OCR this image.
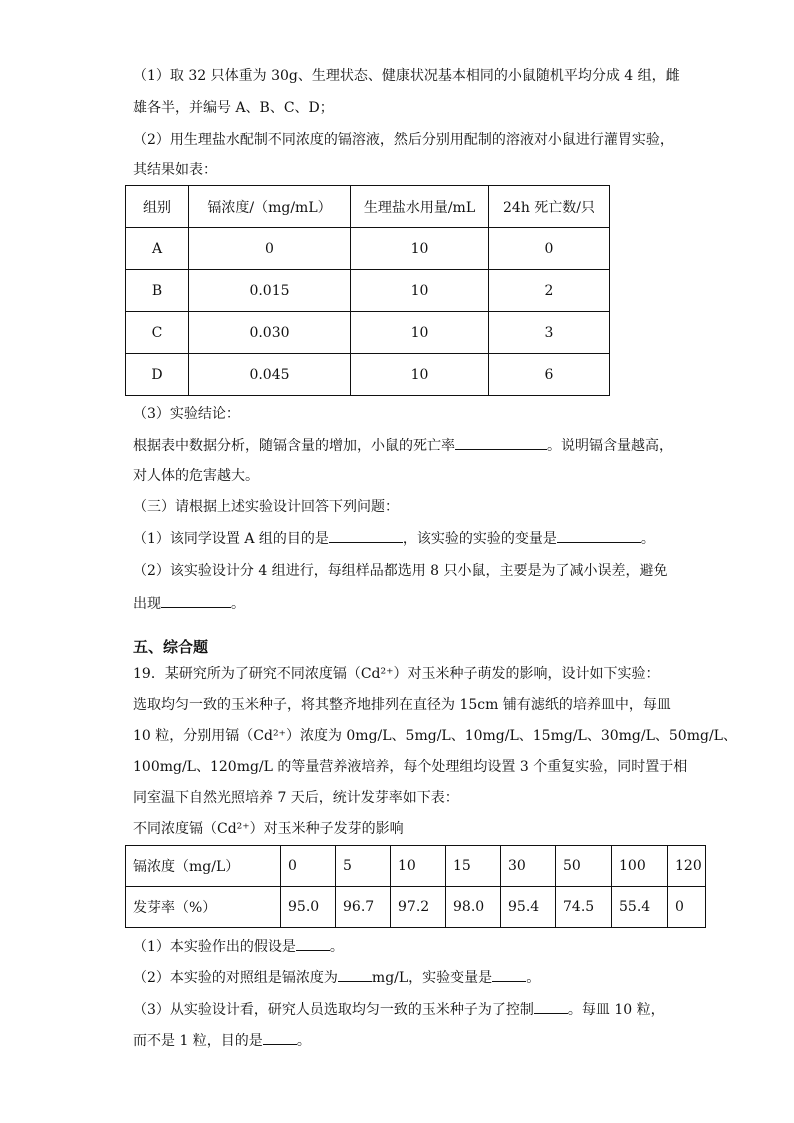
（1）取 32 只体重为 30g、生理状态、健康状况基本相同的小鼠随机平均分成 4 组，雌
雄各半，并编号 A、B、C、D；
（2）用生理盐水配制不同浓度的镉溶液，然后分别用配制的溶液对小鼠进行灌胃实验，
其结果如表：
组别	镉浓度/（mg/mL）	生理盐水用量/mL	24h 死亡数/只
A	0	10	0
B	0.015	10	2
C	0.030	10	3
D	0.045	10	6
（3）实验结论：
根据表中数据分析，随镉含量的增加，小鼠的死亡率	。说明镉含量越高，
对人体的危害越大。
（三）请根据上述实验设计回答下列问题：
（1）该同学设置 A 组的目的是	，该实验的实验的变量是	。
（2）该实验设计分 4 组进行，每组样品都选用 8 只小鼠，主要是为了减小误差，避免
出现	。
五、综合题
19．某研究所为了研究不同浓度镉（Cd²⁺）对玉米种子萌发的影响，设计如下实验：
选取均匀一致的玉米种子，将其整齐地排列在直径为 15cm 铺有滤纸的培养皿中，每皿
10 粒，分别用镉（Cd²⁺）浓度为 0mg/L、5mg/L、10mg/L、15mg/L、30mg/L、50mg/L、
100mg/L、120mg/L 的等量营养液培养，每个处理组均设置 3 个重复实验，同时置于相
同室温下自然光照培养 7 天后，统计发芽率如下表：
不同浓度镉（Cd²⁺）对玉米种子发芽的影响
镉浓度（mg/L）	0	5	10	15	30	50	100	120
发芽率（%）	95.0	96.7	97.2	98.0	95.4	74.5	55.4	0
（1）本实验作出的假设是 。
（2）本实验的对照组是镉浓度为 mg/L，实验变量是 。
（3）从实验设计看，研究人员选取均匀一致的玉米种子为了控制 。每皿 10 粒，
而不是 1 粒，目的是 。
